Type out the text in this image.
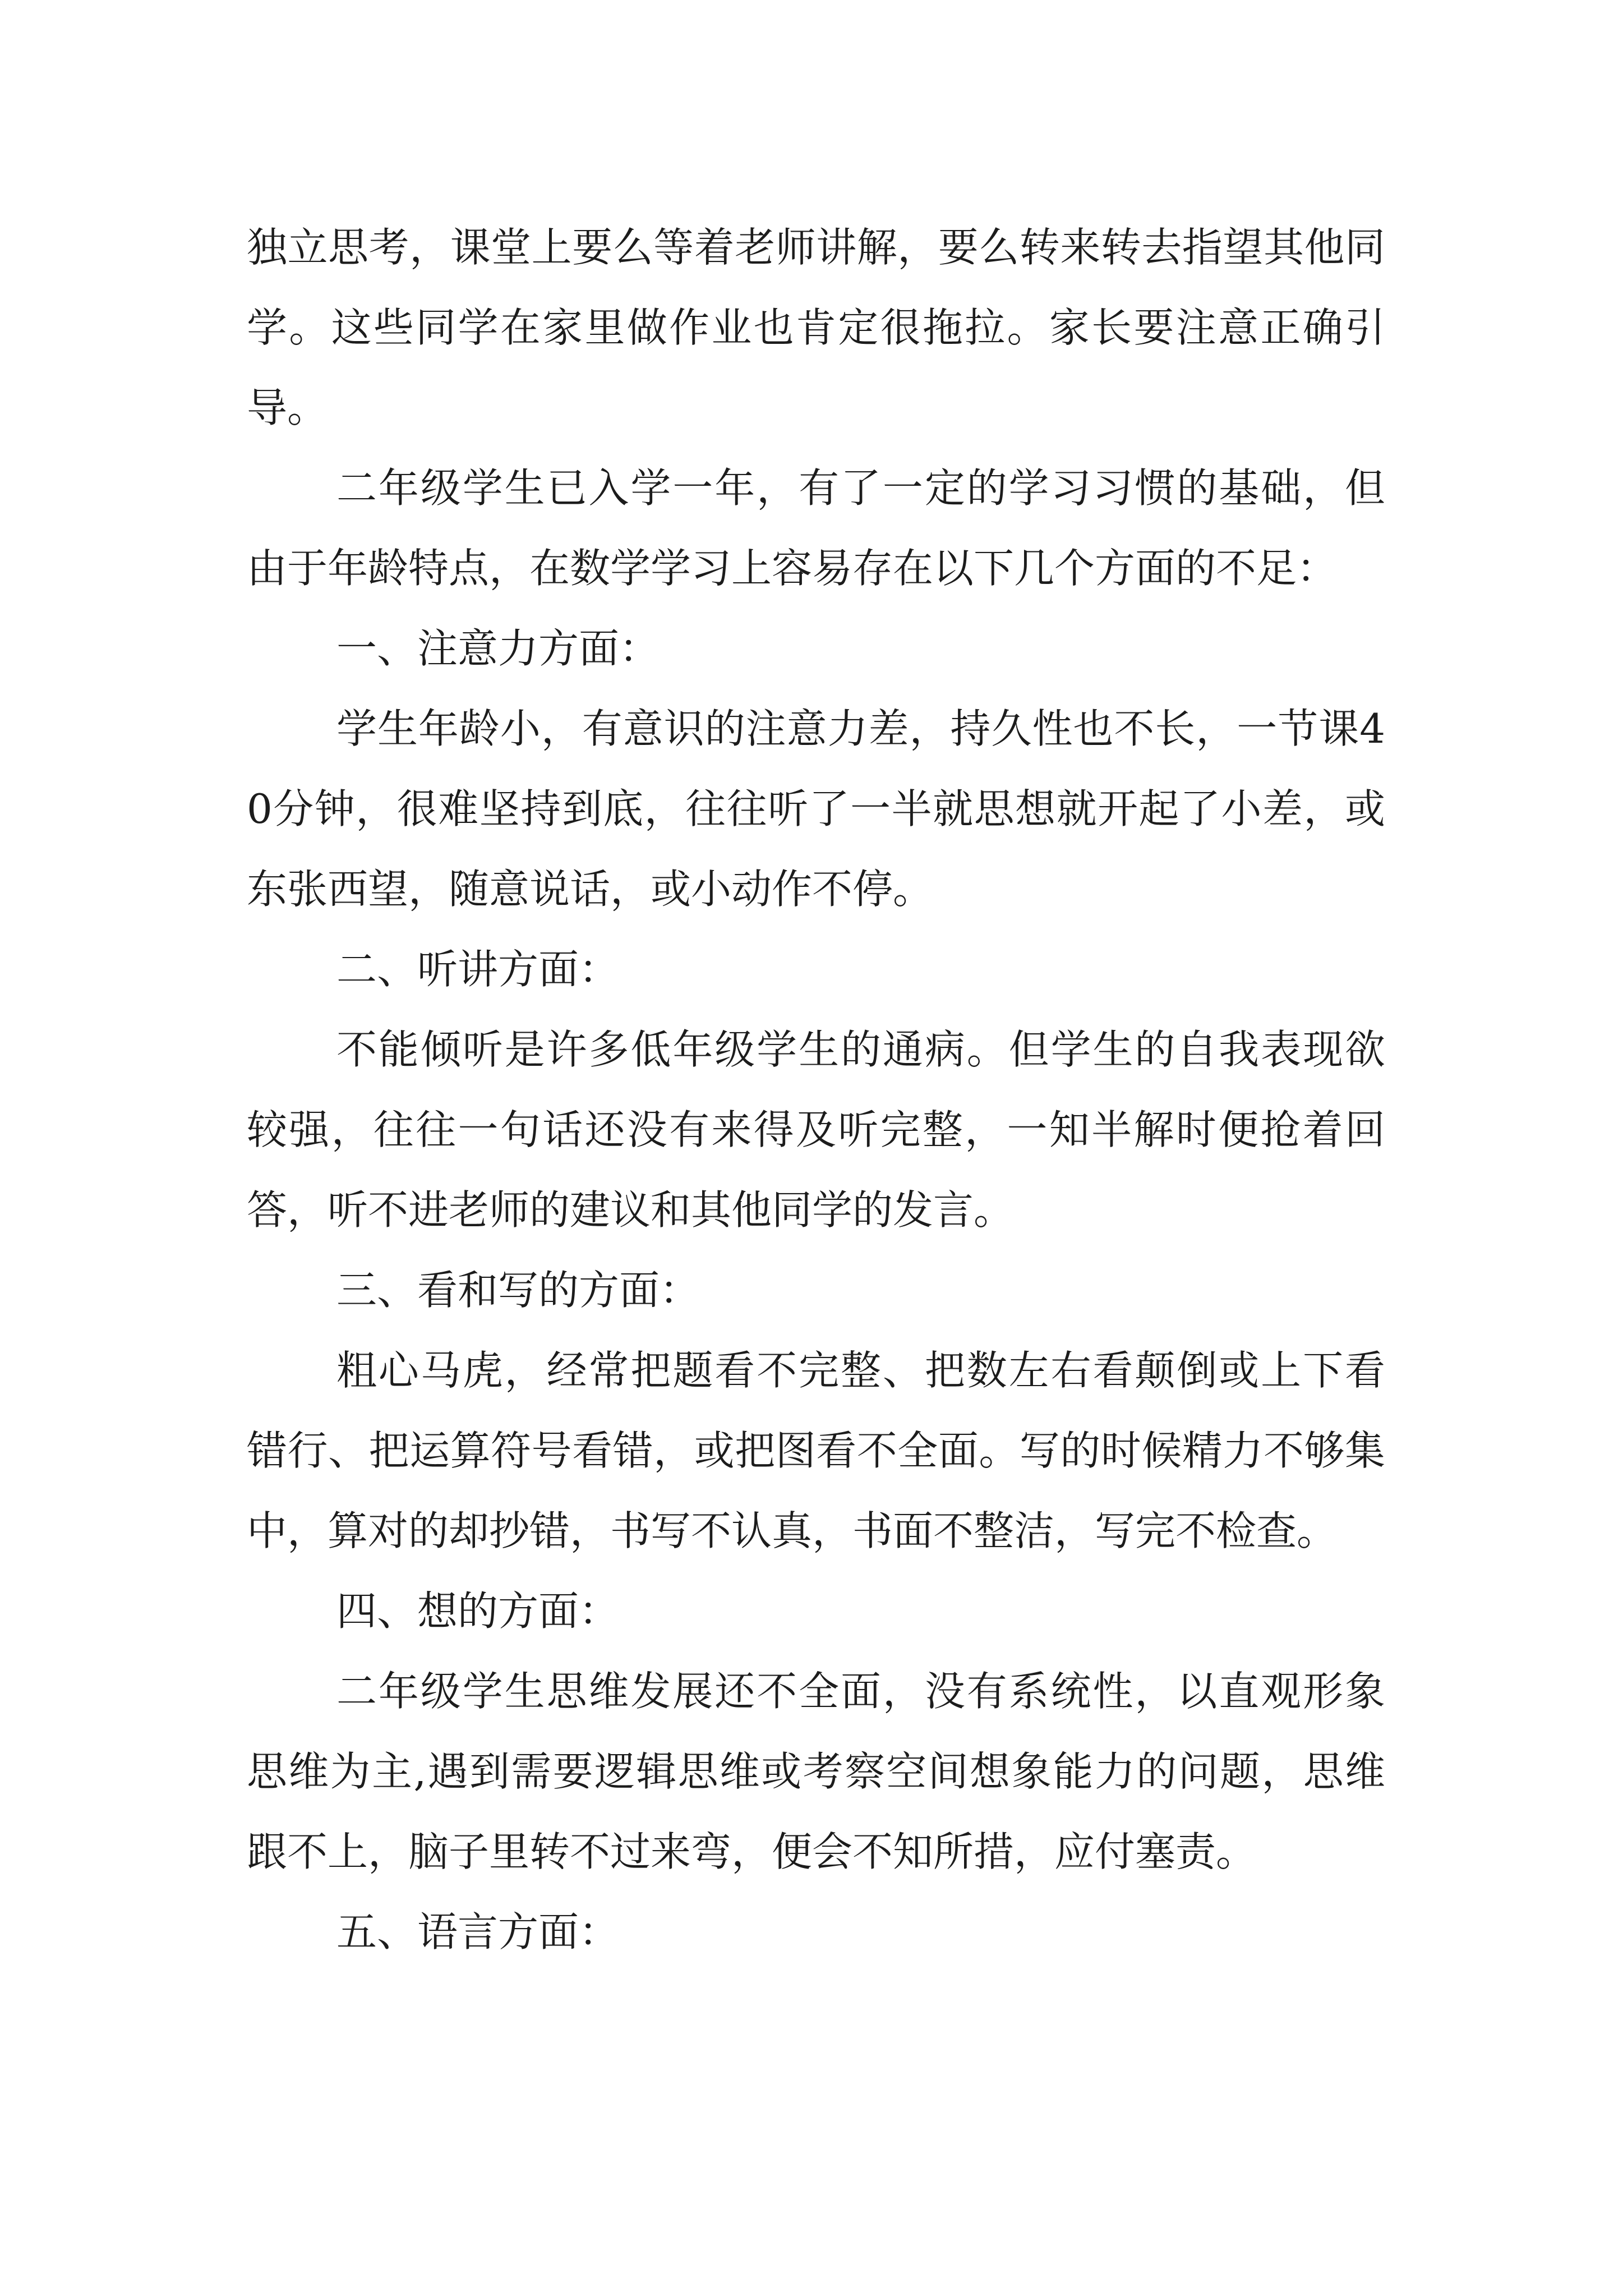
独立思考，课堂上要么等着老师讲解，要么转来转去指望其他同学。这些同学在家里做作业也肯定很拖拉。家长要注意正确引导。

二年级学生已入学一年，有了一定的学习习惯的基础，但由于年龄特点，在数学学习上容易存在以下几个方面的不足：

一、注意力方面：

学生年龄小，有意识的注意力差，持久性也不长，一节课40分钟，很难坚持到底，往往听了一半就思想就开起了小差，或东张西望，随意说话，或小动作不停。

二、听讲方面：

不能倾听是许多低年级学生的通病。但学生的自我表现欲较强，往往一句话还没有来得及听完整，一知半解时便抢着回答，听不进老师的建议和其他同学的发言。

三、看和写的方面：

粗心马虎，经常把题看不完整、把数左右看颠倒或上下看错行、把运算符号看错，或把图看不全面。写的时候精力不够集中，算对的却抄错，书写不认真，书面不整洁，写完不检查。

四、想的方面：

二年级学生思维发展还不全面，没有系统性，以直观形象思维为主,遇到需要逻辑思维或考察空间想象能力的问题，思维跟不上，脑子里转不过来弯，便会不知所措，应付塞责。

五、语言方面：
